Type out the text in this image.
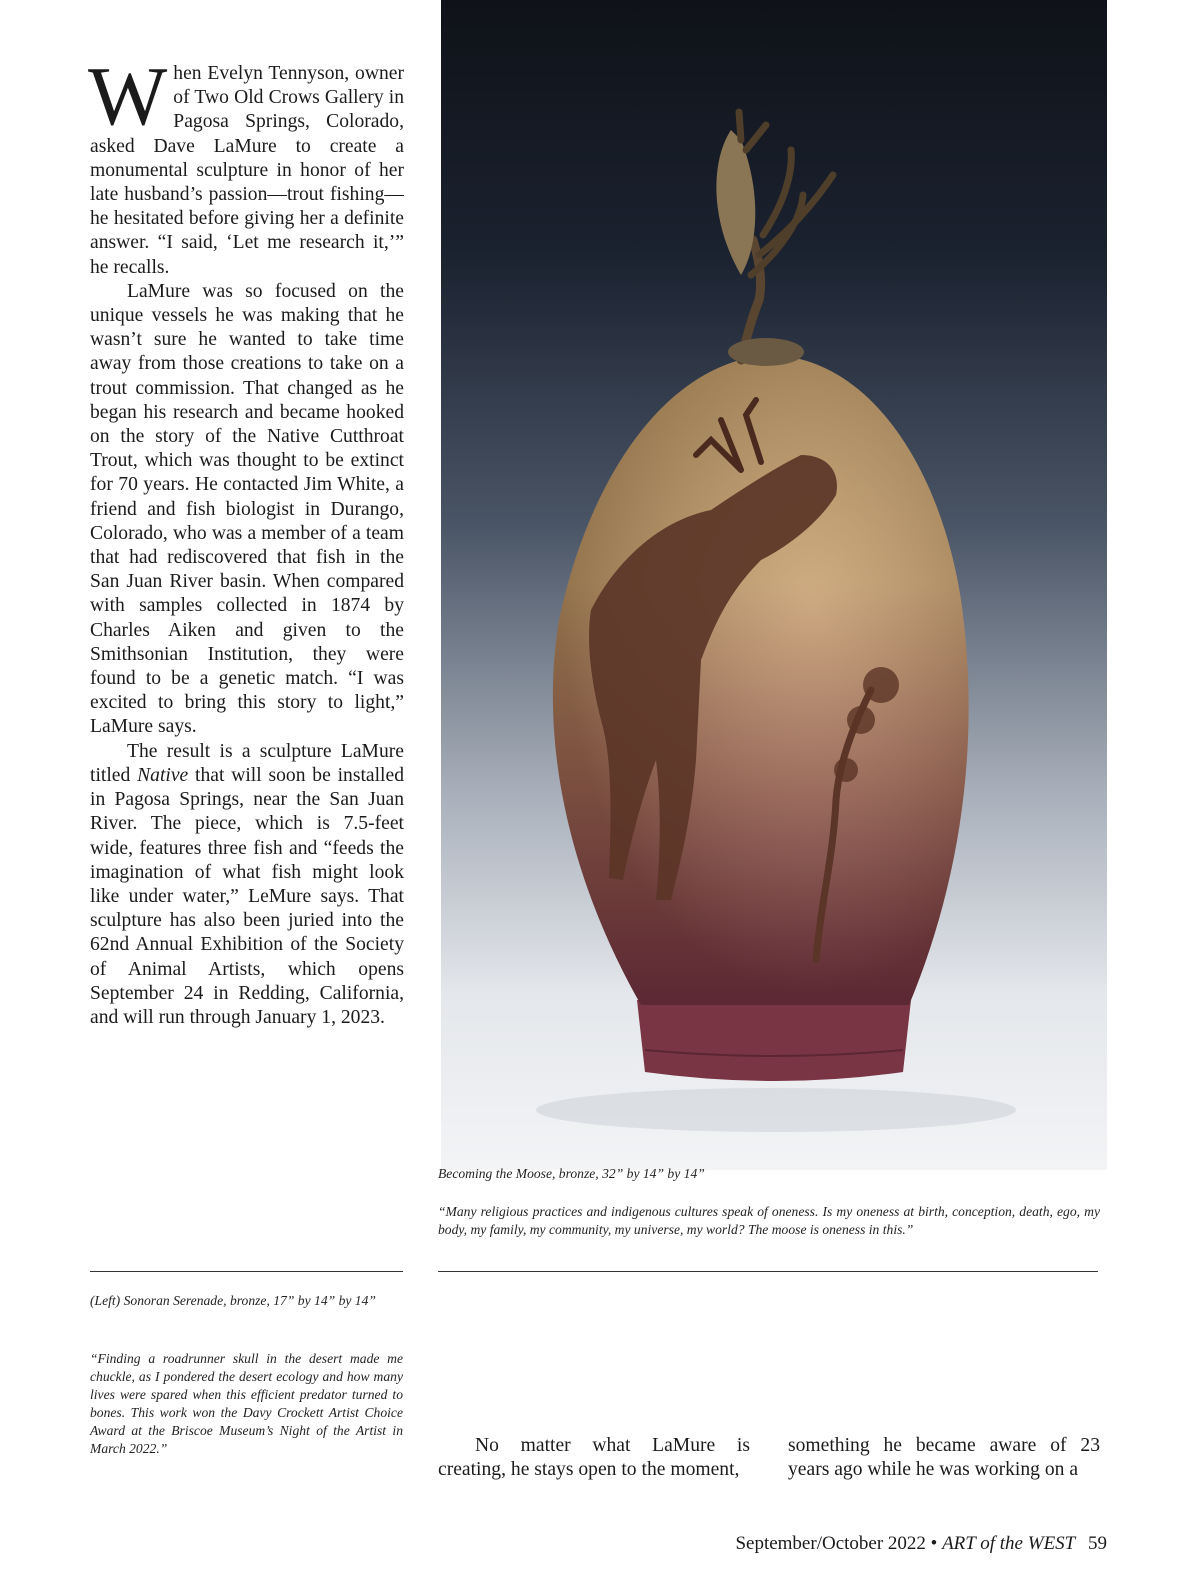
When Evelyn Tennyson, owner of Two Old Crows Gallery in Pagosa Springs, Colorado, asked Dave LaMure to create a monumental sculpture in honor of her late husband’s passion—trout fishing—he hesitated before giving her a definite answer. “I said, ‘Let me research it,’” he recalls.

LaMure was so focused on the unique vessels he was making that he wasn’t sure he wanted to take time away from those creations to take on a trout commission. That changed as he began his research and became hooked on the story of the Native Cutthroat Trout, which was thought to be extinct for 70 years. He contacted Jim White, a friend and fish biologist in Durango, Colorado, who was a member of a team that had rediscovered that fish in the San Juan River basin. When compared with samples collected in 1874 by Charles Aiken and given to the Smithsonian Institution, they were found to be a genetic match. “I was excited to bring this story to light,” LaMure says.

The result is a sculpture LaMure titled Native that will soon be installed in Pagosa Springs, near the San Juan River. The piece, which is 7.5-feet wide, features three fish and “feeds the imagination of what fish might look like under water,” LeMure says. That sculpture has also been juried into the 62nd Annual Exhibition of the Society of Animal Artists, which opens September 24 in Redding, California, and will run through January 1, 2023.

Becoming the Moose, bronze, 32” by 14” by 14”
“Many religious practices and indigenous cultures speak of oneness. Is my oneness at birth, conception, death, ego, my body, my family, my community, my universe, my world? The moose is oneness in this.”
(Left) Sonoran Serenade, bronze, 17” by 14” by 14”
“Finding a roadrunner skull in the desert made me chuckle, as I pondered the desert ecology and how many lives were spared when this efficient predator turned to bones. This work won the Davy Crockett Artist Choice Award at the Briscoe Museum’s Night of the Artist in March 2022.”	No matter what LaMure is creating, he stays open to the moment,
something he became aware of 23 years ago while he was working on a
September/October 2022 • ART of the WEST 59
